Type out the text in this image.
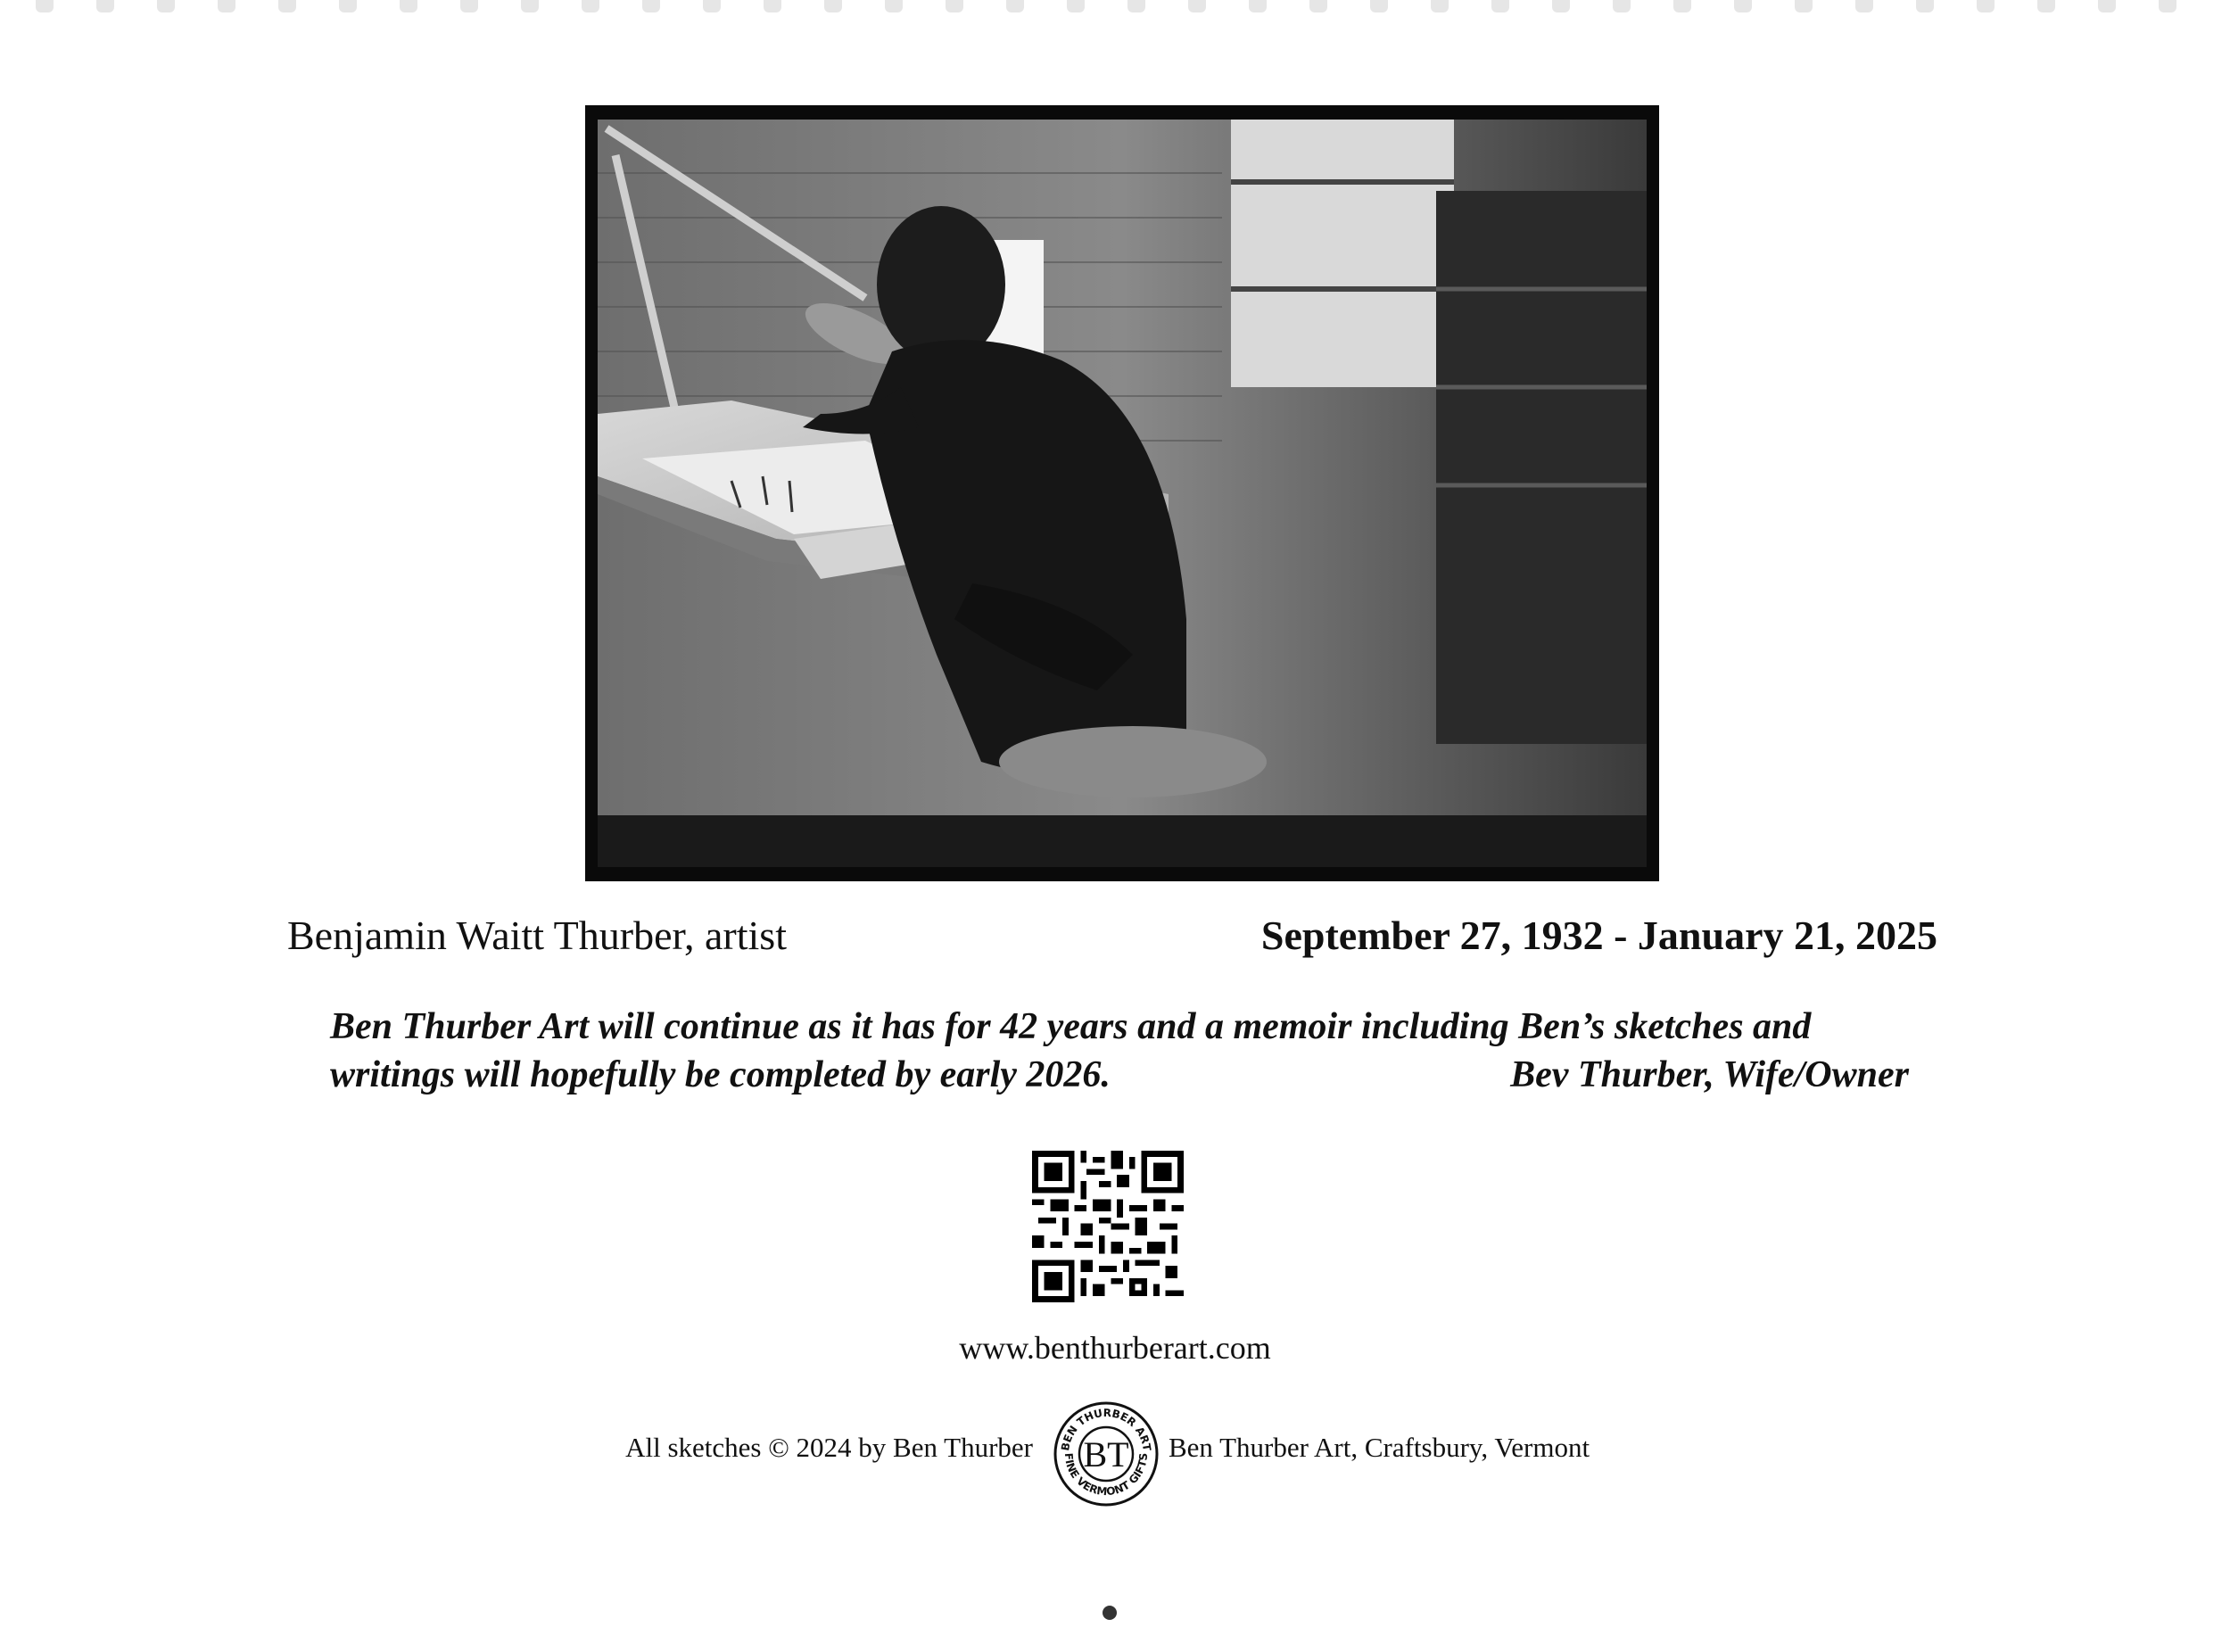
Benjamin Waitt Thurber, artist	September 27, 1932 - January 21, 2025
Ben Thurber Art will continue as it has for 42 years and a memoir including Ben’s sketches and
writings will hopefully be completed by early 2026.	Bev Thurber, Wife/Owner
www.benthurberart.com
All sketches © 2024 by Ben Thurber BEN THURBER ART
FINE VERMONT GIFTS
BT Ben Thurber Art, Craftsbury, Vermont
